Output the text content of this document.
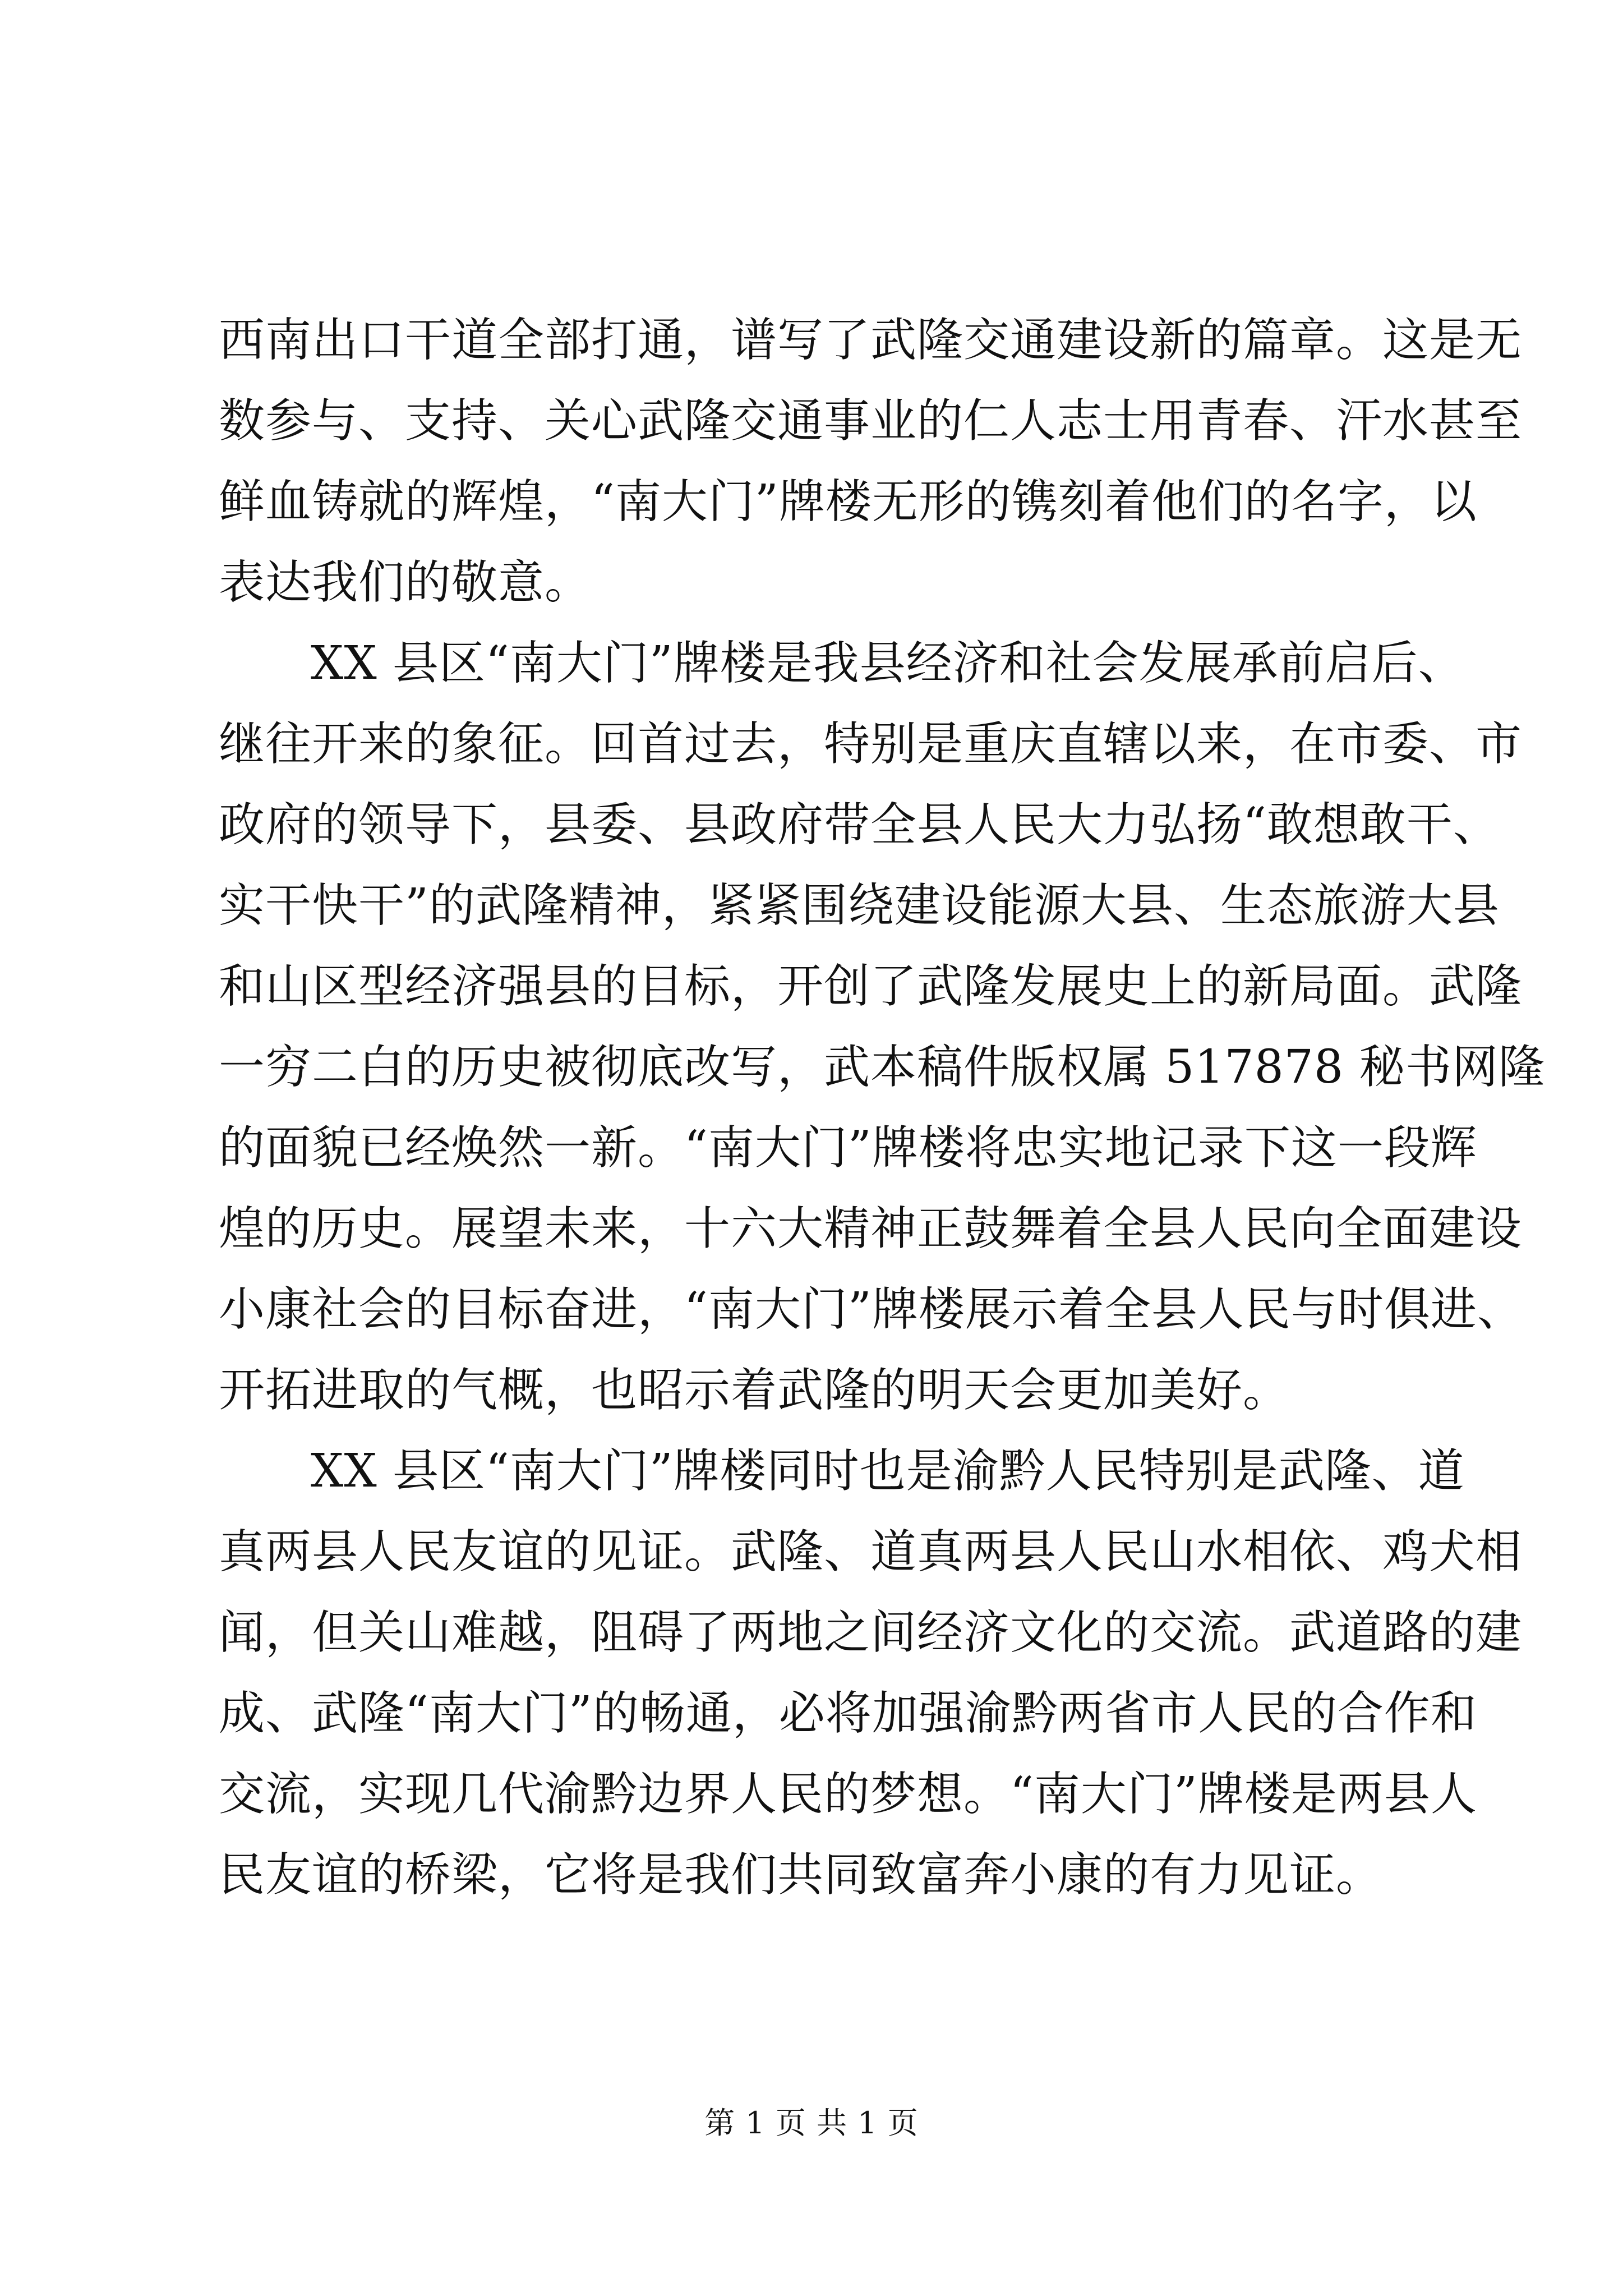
西南出口干道全部打通，谱写了武隆交通建设新的篇章。这是无
数参与、支持、关心武隆交通事业的仁人志士用青春、汗水甚至
鲜血铸就的辉煌，“南大门”牌楼无形的镌刻着他们的名字，以
表达我们的敬意。
XX 县区“南大门”牌楼是我县经济和社会发展承前启后、
继往开来的象征。回首过去，特别是重庆直辖以来，在市委、市
政府的领导下，县委、县政府带全县人民大力弘扬“敢想敢干、
实干快干”的武隆精神，紧紧围绕建设能源大县、生态旅游大县
和山区型经济强县的目标，开创了武隆发展史上的新局面。武隆
一穷二白的历史被彻底改写，武本稿件版权属 517878 秘书网隆
的面貌已经焕然一新。“南大门”牌楼将忠实地记录下这一段辉
煌的历史。展望未来，十六大精神正鼓舞着全县人民向全面建设
小康社会的目标奋进，“南大门”牌楼展示着全县人民与时俱进、
开拓进取的气概，也昭示着武隆的明天会更加美好。
XX 县区“南大门”牌楼同时也是渝黔人民特别是武隆、道
真两县人民友谊的见证。武隆、道真两县人民山水相依、鸡犬相
闻，但关山难越，阻碍了两地之间经济文化的交流。武道路的建
成、武隆“南大门”的畅通，必将加强渝黔两省市人民的合作和
交流，实现几代渝黔边界人民的梦想。“南大门”牌楼是两县人
民友谊的桥梁，它将是我们共同致富奔小康的有力见证。
第 1 页 共 1 页
